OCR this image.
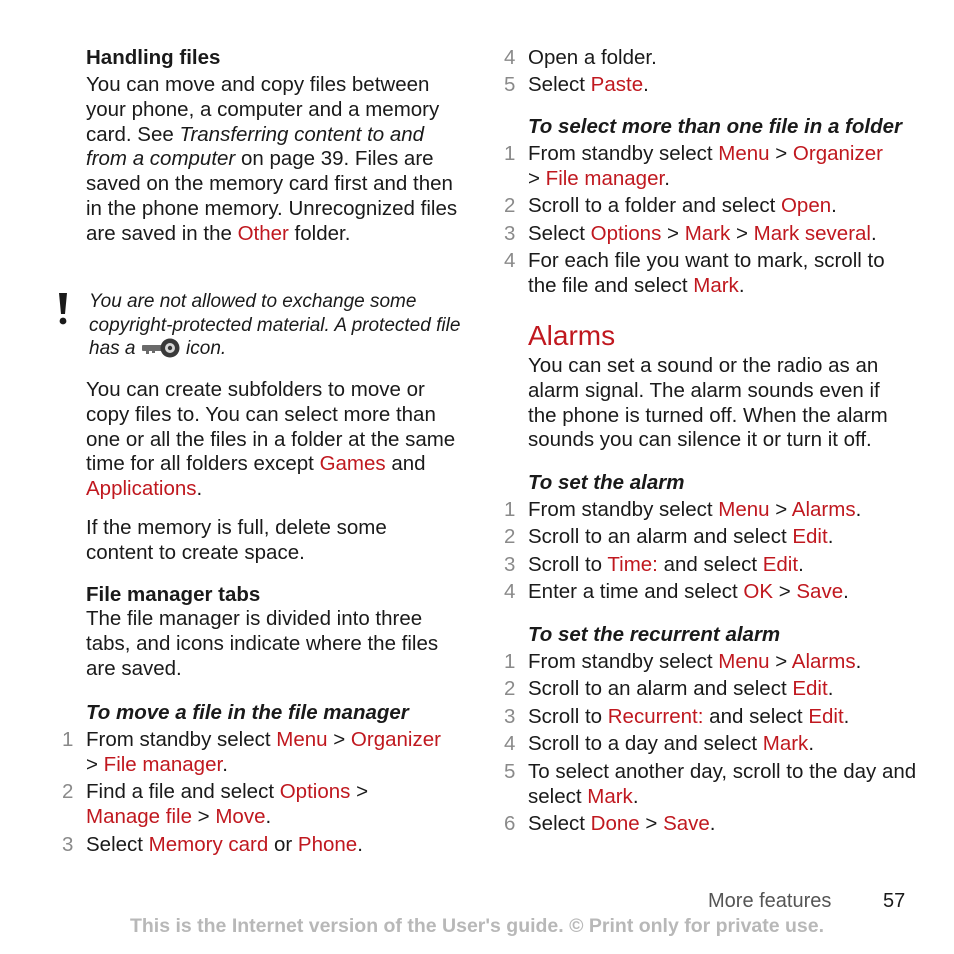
Handling files

You can move and copy files between your phone, a computer and a memory card. See Transferring content to and from a computer on page 39. Files are saved on the memory card first and then in the phone memory. Unrecognized files are saved in the Other folder.

You can create subfolders to move or copy files to. You can select more than one or all the files in a folder at the same time for all folders except Games and Applications.

If the memory is full, delete some content to create space.

File manager tabs

The file manager is divided into three tabs, and icons indicate where the files are saved.

To move a file in the file manager
1 From standby select Menu > Organizer
> File manager.
2 Find a file and select Options >
Manage file > Move.
3 Select Memory card or Phone.
You are not allowed to exchange some copyright-protected material. A protected file has a  icon.
4 Open a folder.
5 Select Paste.
To select more than one file in a folder
1 From standby select Menu > Organizer
> File manager.
2 Scroll to a folder and select Open.
3 Select Options > Mark > Mark several.
4 For each file you want to mark, scroll to the file and select Mark.
Alarms

You can set a sound or the radio as an alarm signal. The alarm sounds even if the phone is turned off. When the alarm sounds you can silence it or turn it off.

To set the alarm
1 From standby select Menu > Alarms.
2 Scroll to an alarm and select Edit.
3 Scroll to Time: and select Edit.
4 Enter a time and select OK > Save.
To set the recurrent alarm
1 From standby select Menu > Alarms.
2 Scroll to an alarm and select Edit.
3 Scroll to Recurrent: and select Edit.
4 Scroll to a day and select Mark.
5 To select another day, scroll to the day and select Mark.
6 Select Done > Save.
More features	57
This is the Internet version of the User's guide. © Print only for private use.
